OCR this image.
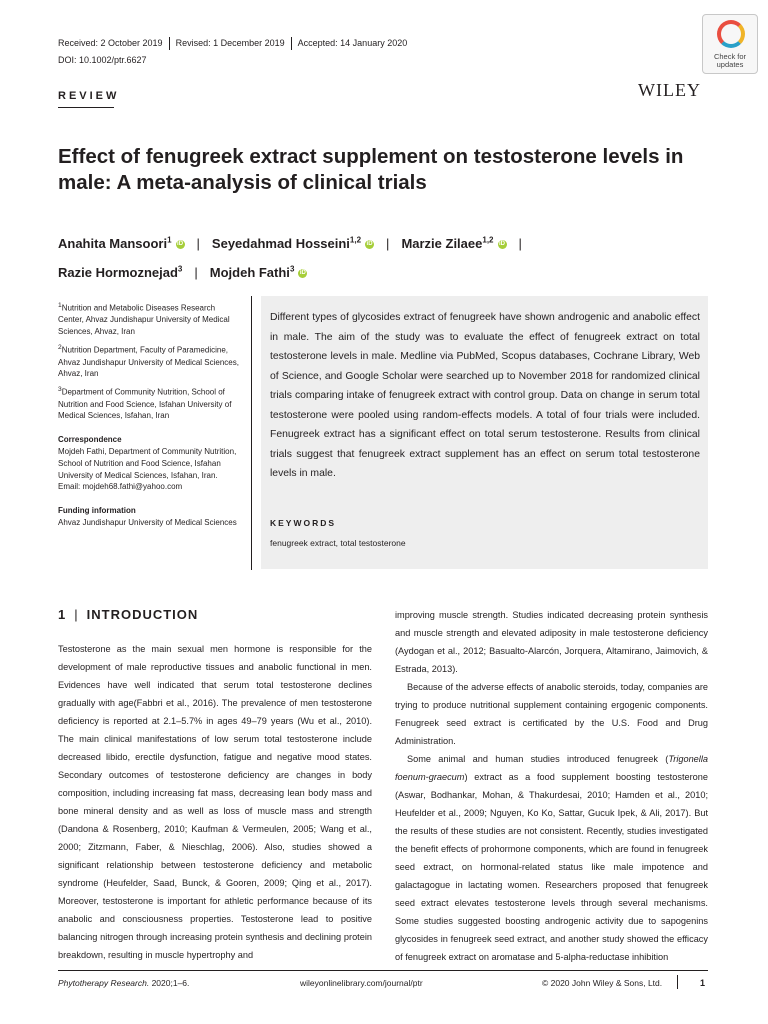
Received: 2 October 2019 Revised: 1 December 2019 Accepted: 14 January 2020
DOI: 10.1002/ptr.6627
REVIEW	WILEY
Check for
updates
Effect of fenugreek extract supplement on testosterone levels in male: A meta-analysis of clinical trials
Anahita Mansoori$^1$ iD | Seyedahmad Hosseini$^{1,2}$ iD | Marzie Zilaee$^{1,2}$ iD |
Razie Hormoznejad$^3$ | Mojdeh Fathi$^3$ iD

$^1$Nutrition and Metabolic Diseases Research Center, Ahvaz Jundishapur University of Medical Sciences, Ahvaz, Iran

$^2$Nutrition Department, Faculty of Paramedicine, Ahvaz Jundishapur University of Medical Sciences, Ahvaz, Iran

$^3$Department of Community Nutrition, School of Nutrition and Food Science, Isfahan University of Medical Sciences, Isfahan, Iran

Correspondence

Mojdeh Fathi, Department of Community Nutrition, School of Nutrition and Food Science, Isfahan University of Medical Sciences, Isfahan, Iran.

Email: mojdeh68.fathi@yahoo.com

Funding information

Ahvaz Jundishapur University of Medical Sciences

Different types of glycosides extract of fenugreek have shown androgenic and anabolic effect in male. The aim of the study was to evaluate the effect of fenugreek extract on total testosterone levels in male. Medline via PubMed, Scopus databases, Cochrane Library, Web of Science, and Google Scholar were searched up to November 2018 for randomized clinical trials comparing intake of fenugreek extract with control group. Data on change in serum total testosterone were pooled using random-effects models. A total of four trials were included. Fenugreek extract has a significant effect on total serum testosterone. Results from clinical trials suggest that fenugreek extract supplement has an effect on serum total testosterone levels in male.
KEYWORDS
fenugreek extract, total testosterone
1 | INTRODUCTION

Testosterone as the main sexual men hormone is responsible for the development of male reproductive tissues and anabolic functional in men. Evidences have well indicated that serum total testosterone declines gradually with age(Fabbri et al., 2016). The prevalence of men testosterone deficiency is reported at 2.1–5.7% in ages 49–79 years (Wu et al., 2010). The main clinical manifestations of low serum total testosterone include decreased libido, erectile dysfunction, fatigue and negative mood states. Secondary outcomes of testosterone deficiency are changes in body composition, including increasing fat mass, decreasing lean body mass and bone mineral density and as well as loss of muscle mass and strength (Dandona & Rosenberg, 2010; Kaufman & Vermeulen, 2005; Wang et al., 2000; Zitzmann, Faber, & Nieschlag, 2006). Also, studies showed a significant relationship between testosterone deficiency and metabolic syndrome (Heufelder, Saad, Bunck, & Gooren, 2009; Qing et al., 2017). Moreover, testosterone is important for athletic performance because of its anabolic and consciousness properties. Testosterone lead to positive balancing nitrogen through increasing protein synthesis and declining protein breakdown, resulting in muscle hypertrophy and

improving muscle strength. Studies indicated decreasing protein synthesis and muscle strength and elevated adiposity in male testosterone deficiency (Aydogan et al., 2012; Basualto-Alarcón, Jorquera, Altamirano, Jaimovich, & Estrada, 2013).

Because of the adverse effects of anabolic steroids, today, companies are trying to produce nutritional supplement containing ergogenic components. Fenugreek seed extract is certificated by the U.S. Food and Drug Administration.

Some animal and human studies introduced fenugreek (Trigonella foenum-graecum) extract as a food supplement boosting testosterone (Aswar, Bodhankar, Mohan, & Thakurdesai, 2010; Hamden et al., 2010; Heufelder et al., 2009; Nguyen, Ko Ko, Sattar, Gucuk Ipek, & Ali, 2017). But the results of these studies are not consistent. Recently, studies investigated the benefit effects of prohormone components, which are found in fenugreek seed extract, on hormonal-related status like male impotence and galactagogue in lactating women. Researchers proposed that fenugreek seed extract elevates testosterone levels through several mechanisms. Some studies suggested boosting androgenic activity due to sapogenins glycosides in fenugreek seed extract, and another study showed the efficacy of fenugreek extract on aromatase and 5-alpha-reductase inhibition

Phytotherapy Research. 2020;1–6.	wileyonlinelibrary.com/journal/ptr	© 2020 John Wiley & Sons, Ltd.	1
